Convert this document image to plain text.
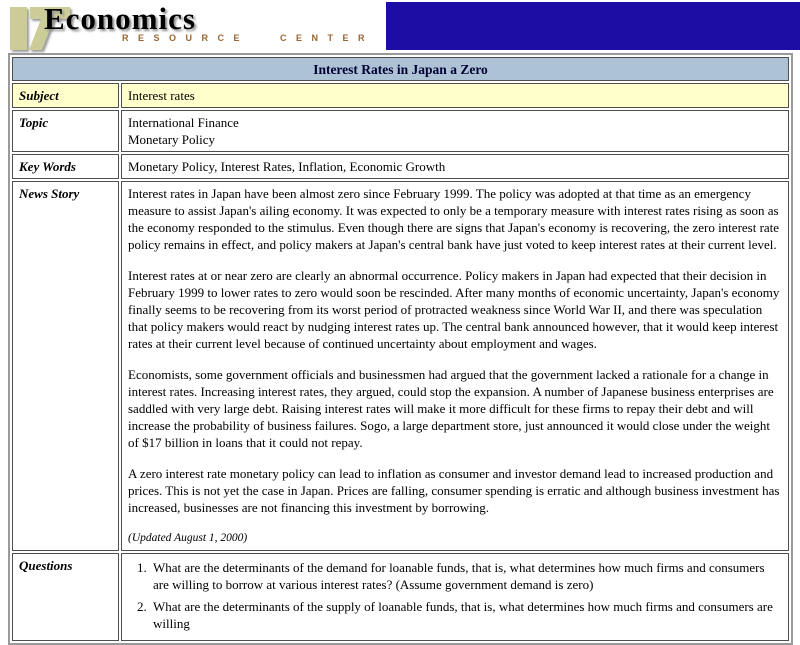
Economics
RESOURCE CENTER
Interest Rates in Japan a Zero	
Subject	Interest rates
Topic	International Finance
Monetary Policy

Key Words	Monetary Policy, Interest Rates, Inflation, Economic Growth
News Story	Interest rates in Japan have been almost zero since February 1999. The policy was adopted at that time as an emergency measure to assist Japan's ailing economy. It was expected to only be a temporary measure with interest rates rising as soon as the economy responded to the stimulus. Even though there are signs that Japan's economy is recovering, the zero interest rate policy remains in effect, and policy makers at Japan's central bank have just voted to keep interest rates at their current level.

Interest rates at or near zero are clearly an abnormal occurrence. Policy makers in Japan had expected that their decision in February 1999 to lower rates to zero would soon be rescinded. After many months of economic uncertainty, Japan's economy finally seems to be recovering from its worst period of protracted weakness since World War II, and there was speculation that policy makers would react by nudging interest rates up. The central bank announced however, that it would keep interest rates at their current level because of continued uncertainty about employment and wages.

Economists, some government officials and businessmen had argued that the government lacked a rationale for a change in interest rates. Increasing interest rates, they argued, could stop the expansion. A number of Japanese business enterprises are saddled with very large debt. Raising interest rates will make it more difficult for these firms to repay their debt and will increase the probability of business failures. Sogo, a large department store, just announced it would close under the weight of $17 billion in loans that it could not repay.

A zero interest rate monetary policy can lead to inflation as consumer and investor demand lead to increased production and prices. This is not yet the case in Japan. Prices are falling, consumer spending is erratic and although business investment has increased, businesses are not financing this investment by borrowing.

(Updated August 1, 2000)

Questions	
1.What are the determinants of the demand for loanable funds, that is, what determines how much firms and consumers are willing to borrow at various interest rates? (Assume government demand is zero)
2. What are the determinants of the supply of loanable funds, that is, what determines how much firms and consumers are willing
